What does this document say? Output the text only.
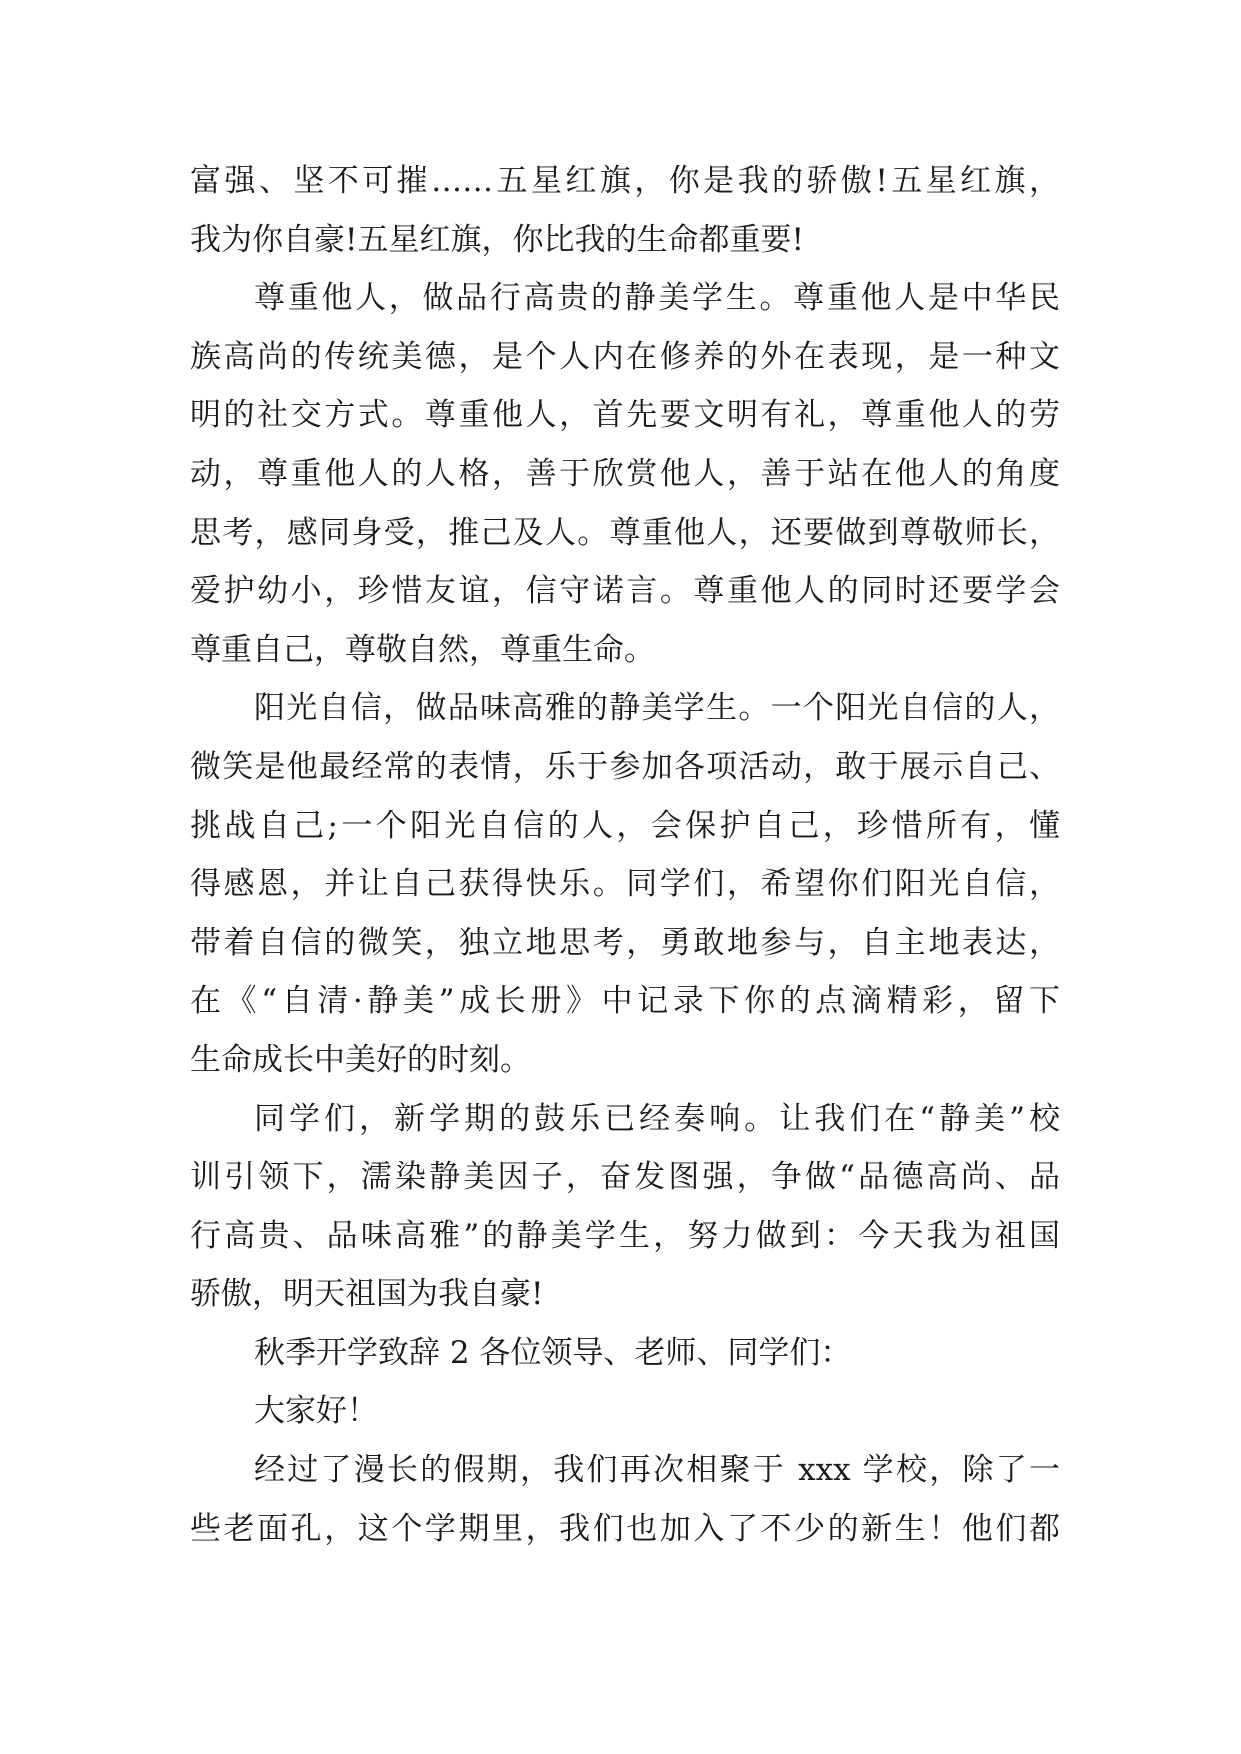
富强、坚不可摧……五星红旗，你是我的骄傲!五星红旗，
我为你自豪!五星红旗，你比我的生命都重要!
尊重他人，做品行高贵的静美学生。尊重他人是中华民
族高尚的传统美德，是个人内在修养的外在表现，是一种文
明的社交方式。尊重他人，首先要文明有礼，尊重他人的劳
动，尊重他人的人格，善于欣赏他人，善于站在他人的角度
思考，感同身受，推己及人。尊重他人，还要做到尊敬师长，
爱护幼小，珍惜友谊，信守诺言。尊重他人的同时还要学会
尊重自己，尊敬自然，尊重生命。
阳光自信，做品味高雅的静美学生。一个阳光自信的人，
微笑是他最经常的表情，乐于参加各项活动，敢于展示自己、
挑战自己;一个阳光自信的人，会保护自己，珍惜所有，懂
得感恩，并让自己获得快乐。同学们，希望你们阳光自信，
带着自信的微笑，独立地思考，勇敢地参与，自主地表达，
在《“自清·静美”成长册》中记录下你的点滴精彩，留下
生命成长中美好的时刻。
同学们，新学期的鼓乐已经奏响。让我们在“静美”校
训引领下，濡染静美因子，奋发图强，争做“品德高尚、品
行高贵、品味高雅”的静美学生，努力做到：今天我为祖国
骄傲，明天祖国为我自豪!
秋季开学致辞 2 各位领导、老师、同学们：
大家好！
经过了漫长的假期，我们再次相聚于 xxx 学校，除了一
些老面孔，这个学期里，我们也加入了不少的新生！他们都
